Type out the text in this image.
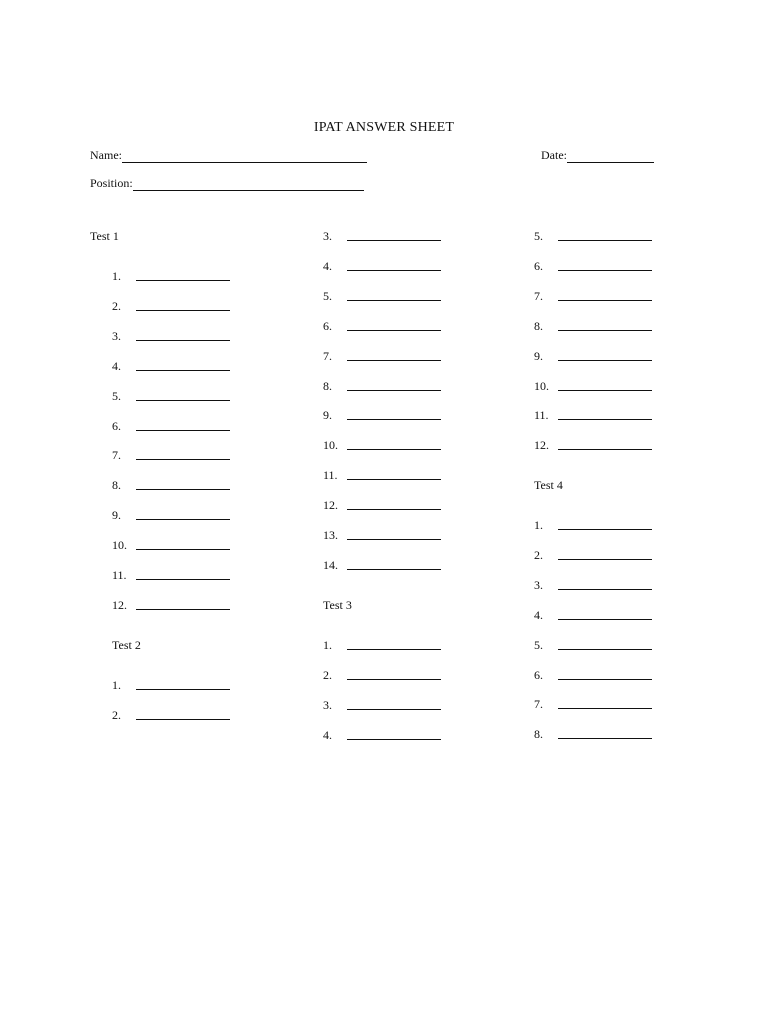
IPAT ANSWER SHEET
Name:	Date:
Position:
Test 1
Test 2
Test 3
Test 4
1.
2.
3.
4.
5.
6.
7.
8.
9.
10.
11.
12.
1.
2.
3.
4.
5.
6.
7.
8.
9.
10.
11.
12.
13.
14.
1.
2.
3.
4.
5.
6.
7.
8.
9.
10.
11.
12.
1.
2.
3.
4.
5.
6.
7.
8.
